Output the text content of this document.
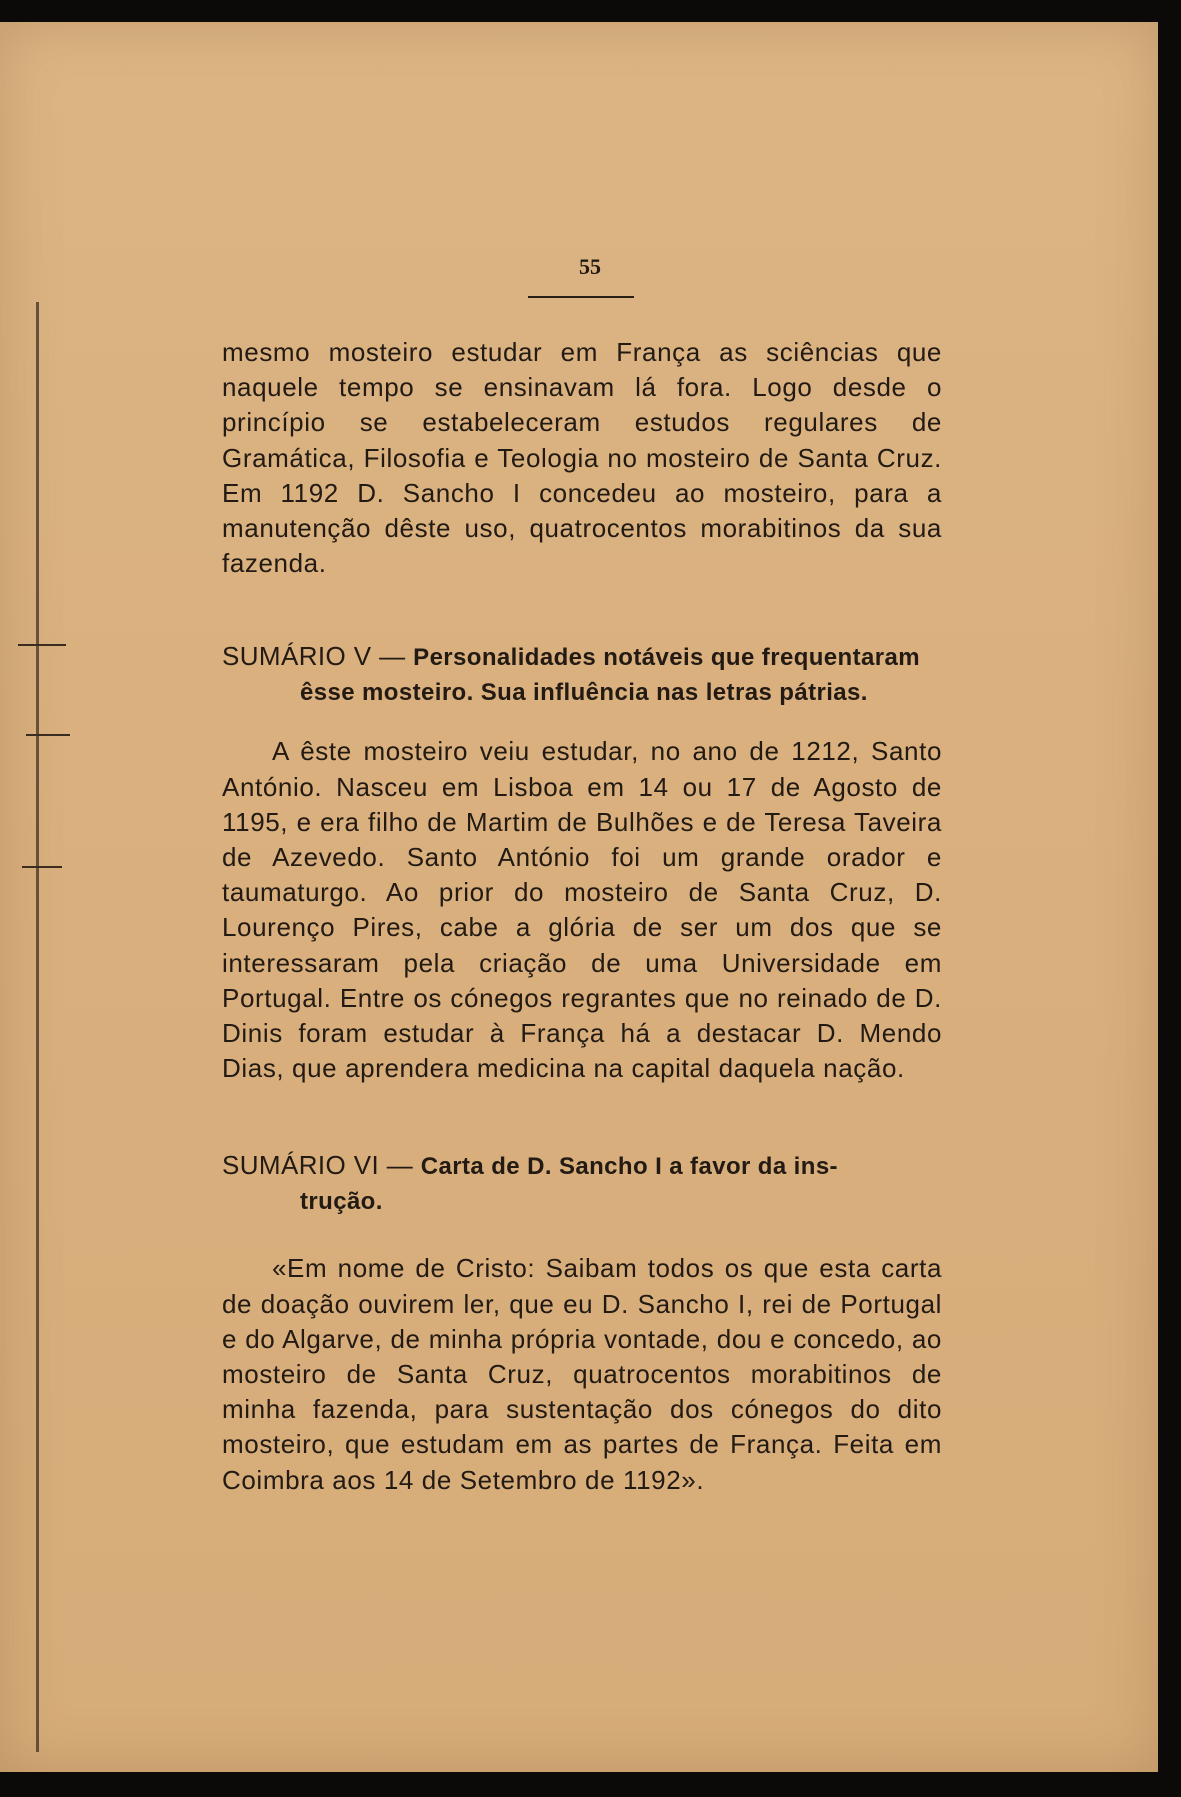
55

mesmo mosteiro estudar em França as sciências que naquele tempo se ensinavam lá fora. Logo desde o princípio se estabeleceram estudos regulares de Gramática, Filosofia e Teologia no mosteiro de Santa Cruz. Em 1192 D. Sancho I concedeu ao mosteiro, para a manutenção dêste uso, quatrocentos morabitinos da sua fazenda.

SUMÁRIO V — Personalidades notáveis que frequentaram
êsse mosteiro. Sua influência nas letras pátrias.

A êste mosteiro veiu estudar, no ano de 1212, Santo António. Nasceu em Lisboa em 14 ou 17 de Agosto de 1195, e era filho de Martim de Bulhões e de Teresa Taveira de Azevedo. Santo António foi um grande orador e taumaturgo. Ao prior do mosteiro de Santa Cruz, D. Lourenço Pires, cabe a glória de ser um dos que se interessaram pela criação de uma Universidade em Portugal. Entre os cónegos regrantes que no reinado de D. Dinis foram estudar à França há a destacar D. Mendo Dias, que aprendera medicina na capital daquela nação.

SUMÁRIO VI — Carta de D. Sancho I a favor da ins-
trução.

«Em nome de Cristo: Saibam todos os que esta carta de doação ouvirem ler, que eu D. Sancho I, rei de Portugal e do Algarve, de minha própria vontade, dou e concedo, ao mosteiro de Santa Cruz, quatrocentos morabitinos de minha fazenda, para sustentação dos cónegos do dito mosteiro, que estudam em as partes de França. Feita em Coimbra aos 14 de Setembro de 1192».
